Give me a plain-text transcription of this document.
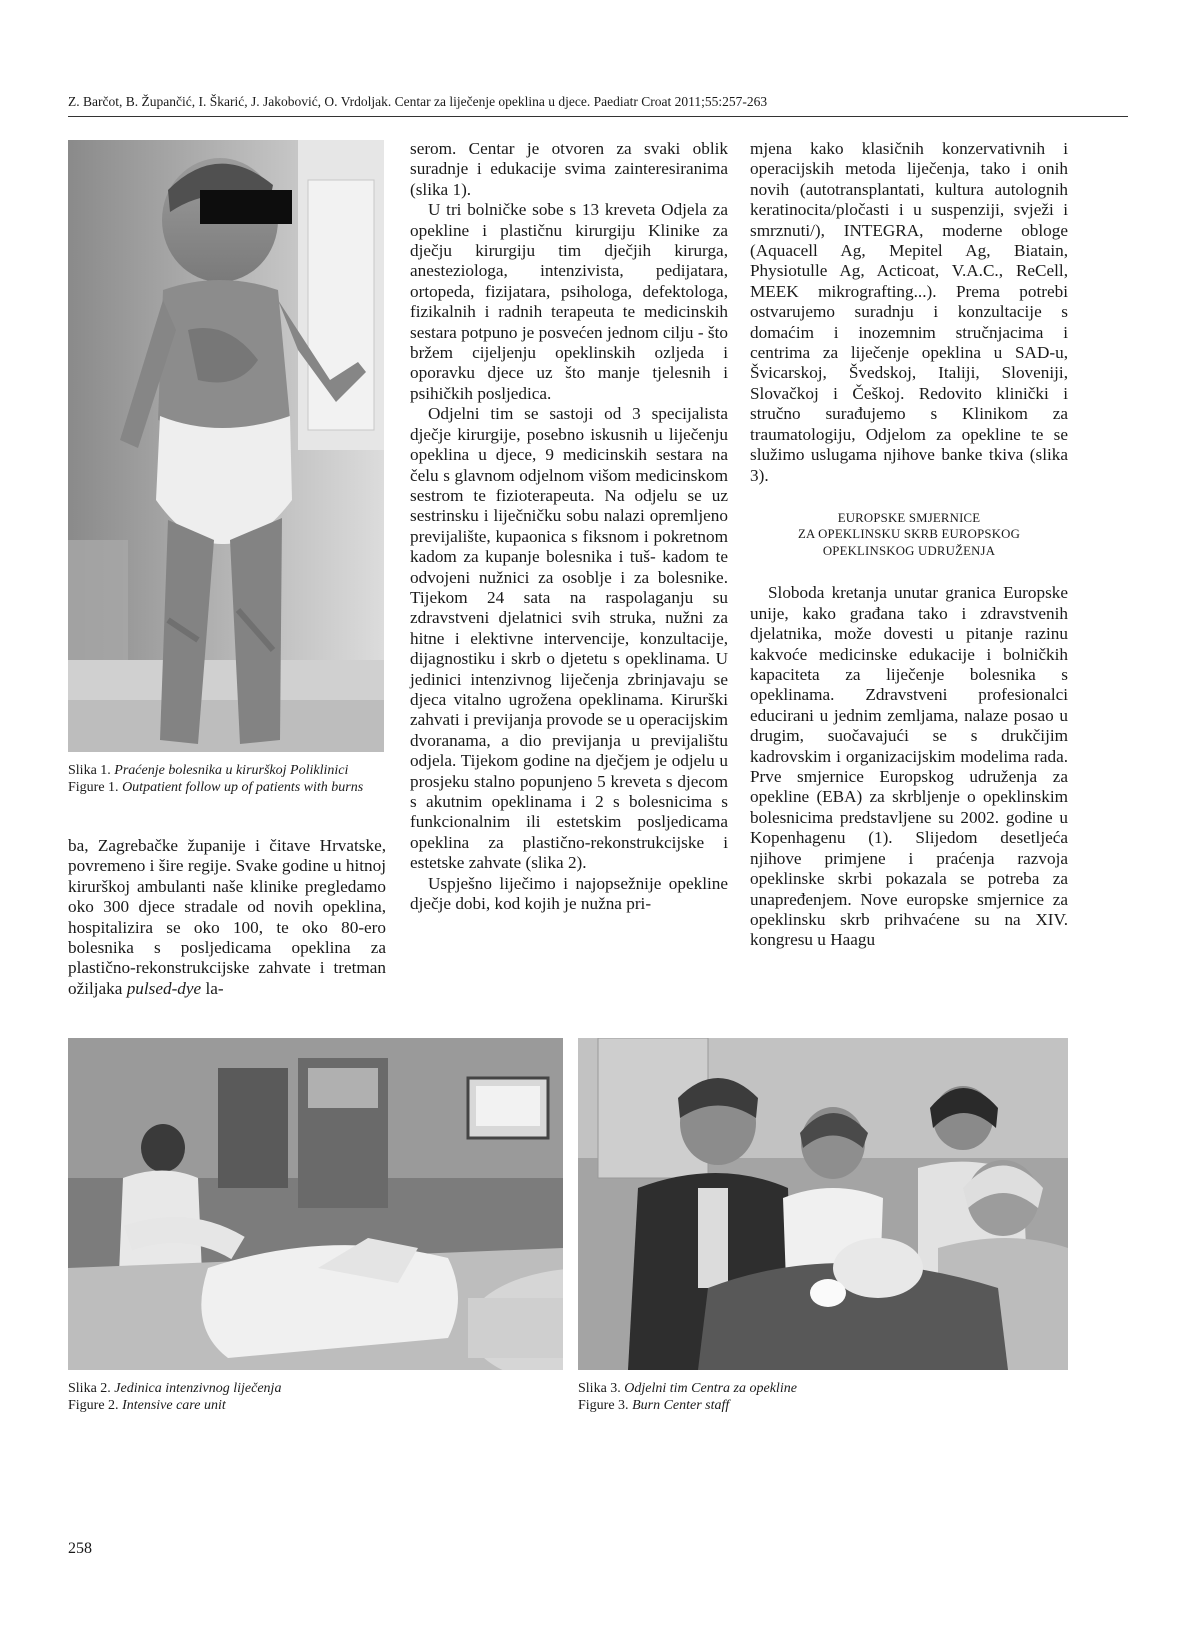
Z. Barčot, B. Župančić, I. Škarić, J. Jakobović, O. Vrdoljak. Centar za liječenje opeklina u djece. Paediatr Croat 2011;55:257-263
Slika 1. Praćenje bolesnika u kirurškoj Poliklinici
Figure 1. Outpatient follow up of patients with burns

ba, Zagrebačke županije i čitave Hrvatske, povremeno i šire regije. Svake godine u hitnoj kirurškoj ambulanti naše klinike pregledamo oko 300 djece stradale od novih opeklina, hospitalizira se oko 100, te oko 80-ero bolesnika s posljedicama opeklina za plastično-rekonstrukcijske zahvate i tretman ožiljaka pulsed-dye la-

serom. Centar je otvoren za svaki oblik suradnje i edukacije svima zainteresiranima (slika 1).

U tri bolničke sobe s 13 kreveta Odjela za opekline i plastičnu kirurgiju Klinike za dječju kirurgiju tim dječjih kirurga, anesteziologa, intenzivista, pedijatara, ortopeda, fizijatara, psihologa, defektologa, fizikalnih i radnih terapeuta te medicinskih sestara potpuno je posvećen jednom cilju - što bržem cijeljenju opeklinskih ozljeda i oporavku djece uz što manje tjelesnih i psihičkih posljedica.

Odjelni tim se sastoji od 3 specijalista dječje kirurgije, posebno iskusnih u liječenju opeklina u djece, 9 medicinskih sestara na čelu s glavnom odjelnom višom medicinskom sestrom te fizioterapeuta. Na odjelu se uz sestrinsku i liječničku sobu nalazi opremljeno previjalište, kupaonica s fiksnom i pokretnom kadom za kupanje bolesnika i tuš- kadom te odvojeni nužnici za osoblje i za bolesnike. Tijekom 24 sata na raspolaganju su zdravstveni djelatnici svih struka, nužni za hitne i elektivne intervencije, konzultacije, dijagnostiku i skrb o djetetu s opeklinama. U jedinici intenzivnog liječenja zbrinjavaju se djeca vitalno ugrožena opeklinama. Kirurški zahvati i previjanja provode se u operacijskim dvoranama, a dio previjanja u previjalištu odjela. Tijekom godine na dječjem je odjelu u prosjeku stalno popunjeno 5 kreveta s djecom s akutnim opeklinama i 2 s bolesnicima s funkcionalnim ili estetskim posljedicama opeklina za plastično-rekonstrukcijske i estetske zahvate (slika 2).

Uspješno liječimo i najopsežnije opekline dječje dobi, kod kojih je nužna pri-

mjena kako klasičnih konzervativnih i operacijskih metoda liječenja, tako i onih novih (autotransplantati, kultura autolognih keratinocita/pločasti i u suspenziji, svježi i smrznuti/), INTEGRA, moderne obloge (Aquacell Ag, Mepitel Ag, Biatain, Physiotulle Ag, Acticoat, V.A.C., ReCell, MEEK mikrografting...). Prema potrebi ostvarujemo suradnju i konzultacije s domaćim i inozemnim stručnjacima i centrima za liječenje opeklina u SAD-u, Švicarskoj, Švedskoj, Italiji, Sloveniji, Slovačkoj i Češkoj. Redovito klinički i stručno surađujemo s Klinikom za traumatologiju, Odjelom za opekline te se služimo uslugama njihove banke tkiva (slika 3).

EUROPSKE SMJERNICE
ZA OPEKLINSKU SKRB EUROPSKOG
OPEKLINSKOG UDRUŽENJA

Sloboda kretanja unutar granica Europske unije, kako građana tako i zdravstvenih djelatnika, može dovesti u pitanje razinu kakvoće medicinske edukacije i bolničkih kapaciteta za liječenje bolesnika s opeklinama. Zdravstveni profesionalci educirani u jednim zemljama, nalaze posao u drugim, suočavajući se s drukčijim kadrovskim i organizacijskim modelima rada. Prve smjernice Europskog udruženja za opekline (EBA) za skrbljenje o opeklinskim bolesnicima predstavljene su 2002. godine u Kopenhagenu (1). Slijedom desetljeća njihove primjene i praćenja razvoja opeklinske skrbi pokazala se potreba za unapređenjem. Nove europske smjernice za opeklinsku skrb prihvaćene su na XIV. kongresu u Haagu

Slika 2. Jedinica intenzivnog liječenja
Figure 2. Intensive care unit
Slika 3. Odjelni tim Centra za opekline
Figure 3. Burn Center staff
258
